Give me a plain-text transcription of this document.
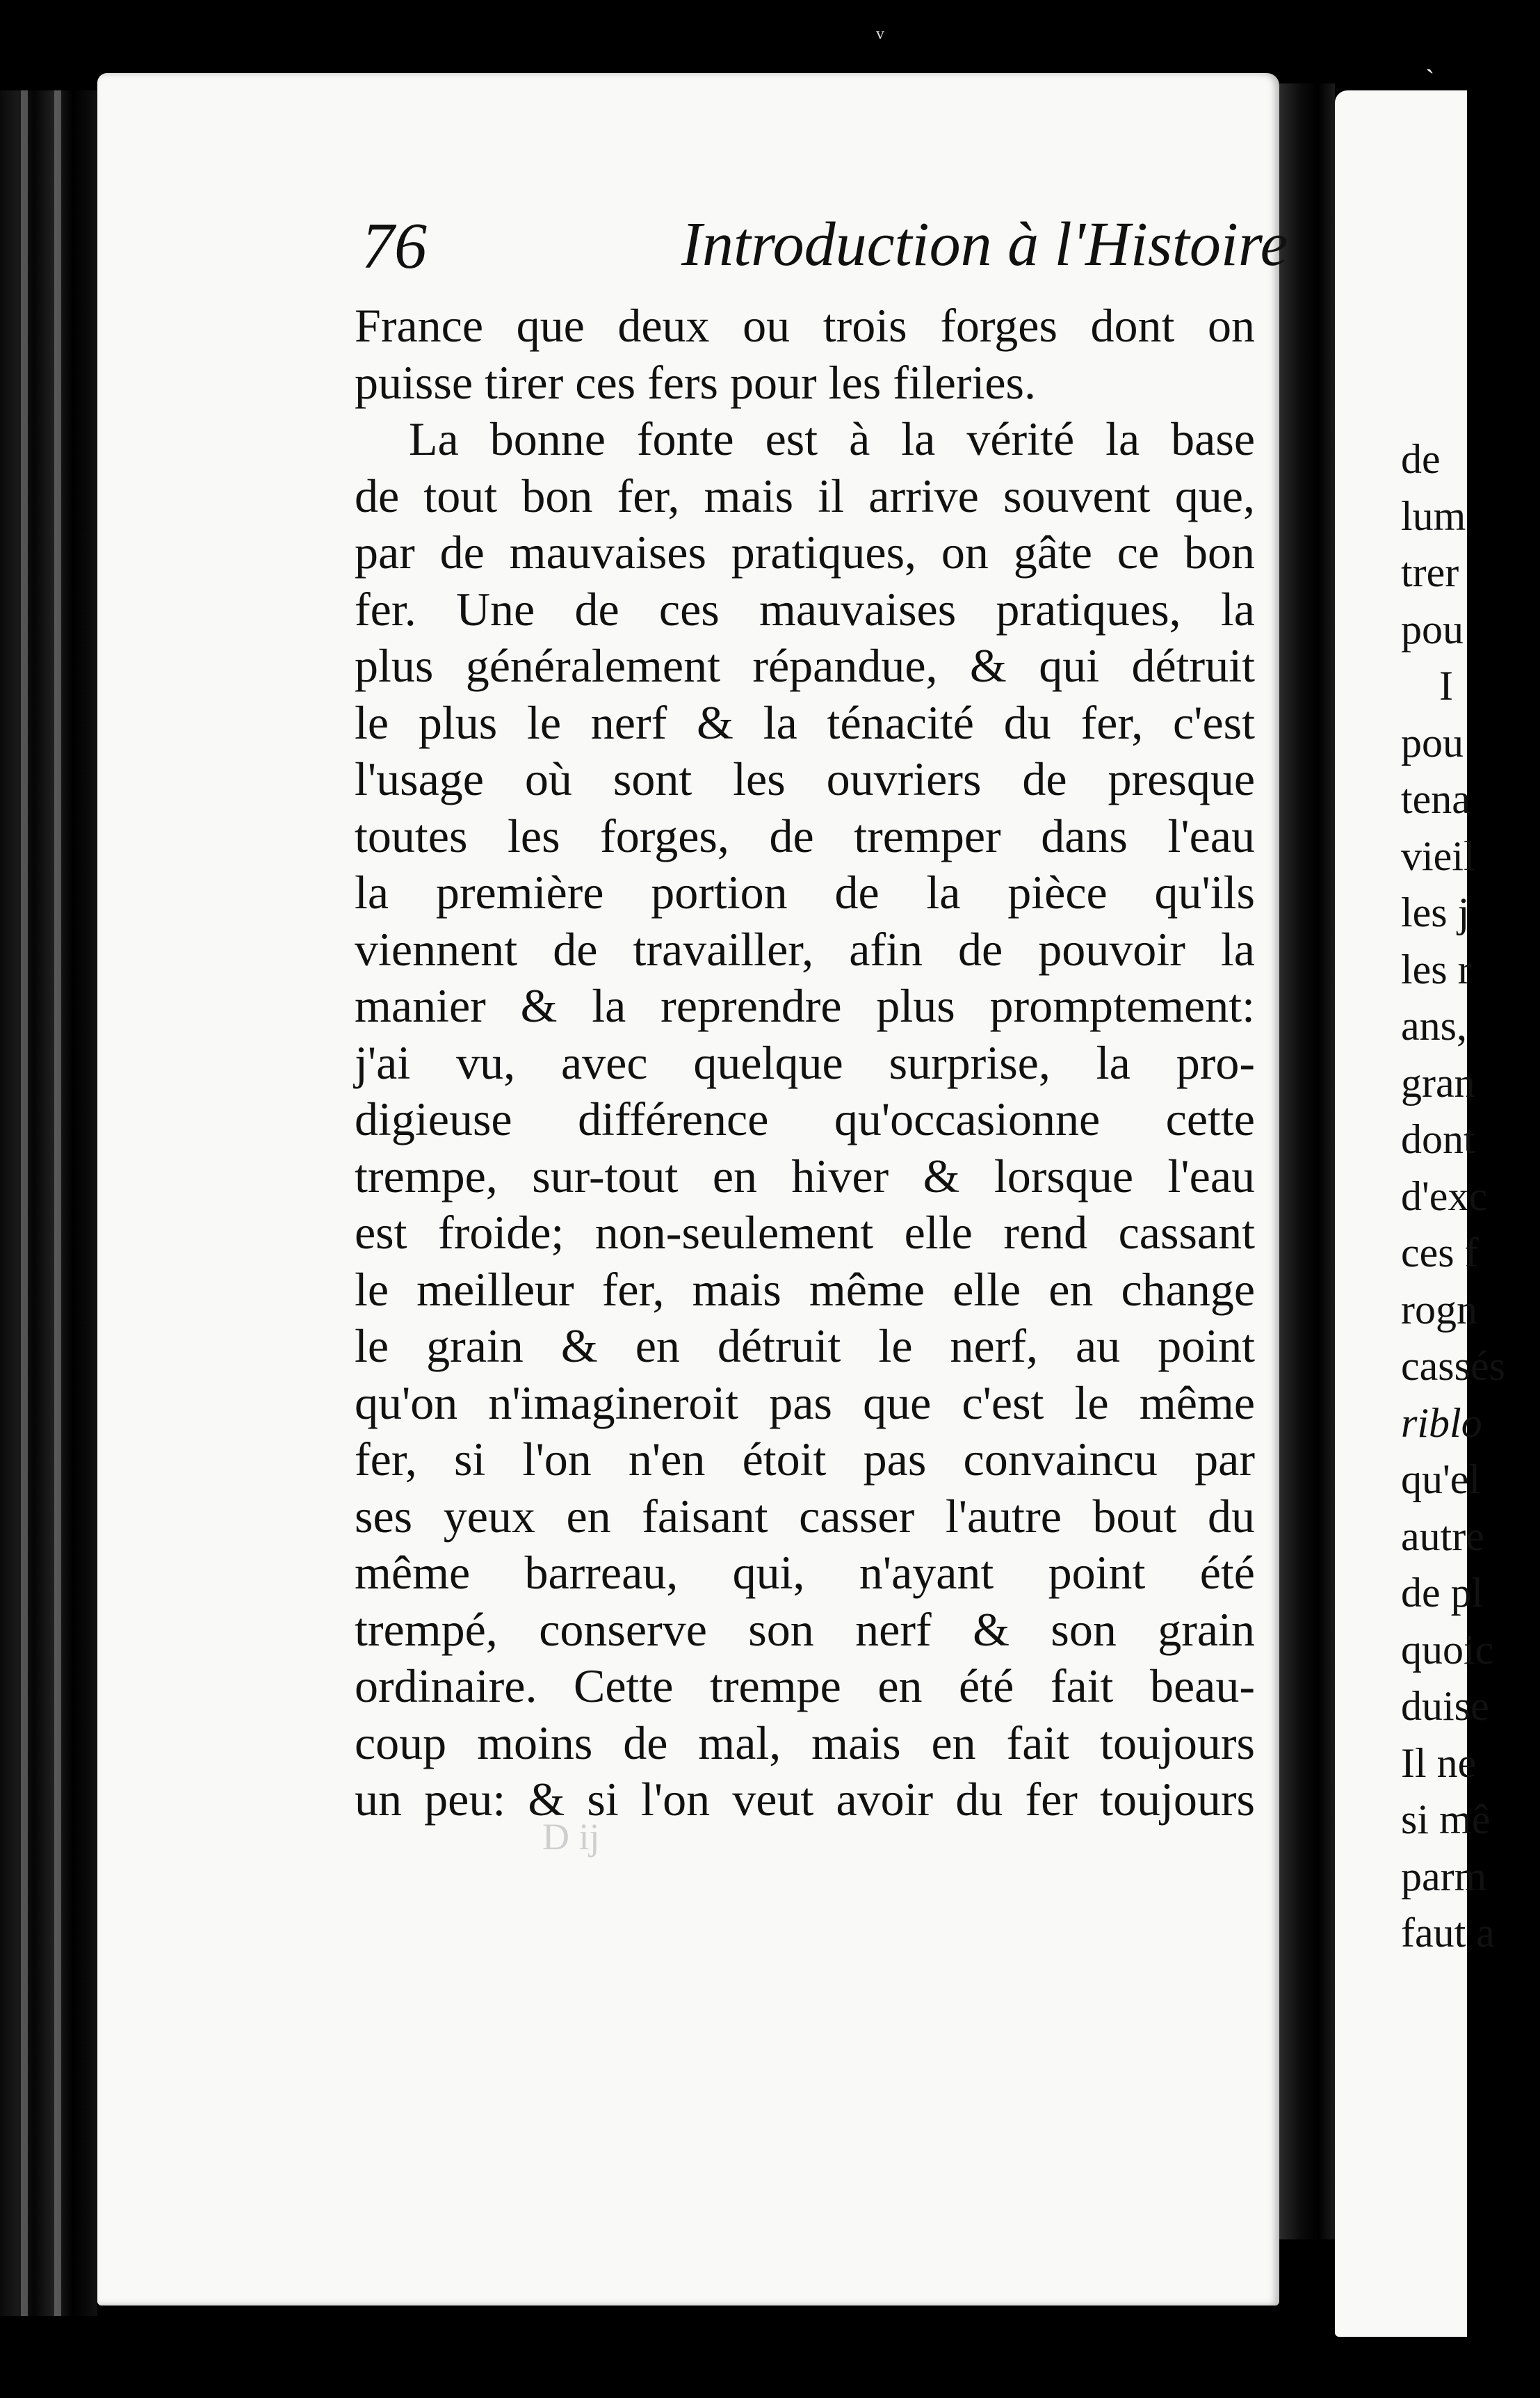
de
lum
trer
pou
I
pou
tena
vieil
les j
les r
ans,
gran
dont
d'exc
ces f
rogn
cassés
riblo
qu'el
autre
de pl
quoic
duise
Il ne
si mê
parm
faut a
76	Introduction à l'Histoire
France que deux ou trois forges dont on
puisse tirer ces fers pour les fileries.
La bonne fonte est à la vérité la base
de tout bon fer, mais il arrive souvent que,
par de mauvaises pratiques, on gâte ce bon
fer. Une de ces mauvaises pratiques, la
plus généralement répandue, & qui détruit
le plus le nerf & la ténacité du fer, c'est
l'usage où sont les ouvriers de presque
toutes les forges, de tremper dans l'eau
la première portion de la pièce qu'ils
viennent de travailler, afin de pouvoir la
manier & la reprendre plus promptement:
j'ai vu, avec quelque surprise, la pro-
digieuse différence qu'occasionne cette
trempe, sur-tout en hiver & lorsque l'eau
est froide; non-seulement elle rend cassant
le meilleur fer, mais même elle en change
le grain & en détruit le nerf, au point
qu'on n'imagineroit pas que c'est le même
fer, si l'on n'en étoit pas convaincu par
ses yeux en faisant casser l'autre bout du
même barreau, qui, n'ayant point été
trempé, conserve son nerf & son grain
ordinaire. Cette trempe en été fait beau-
coup moins de mal, mais en fait toujours
un peu: & si l'on veut avoir du fer toujours
D ij
ᵛ
ˎ
